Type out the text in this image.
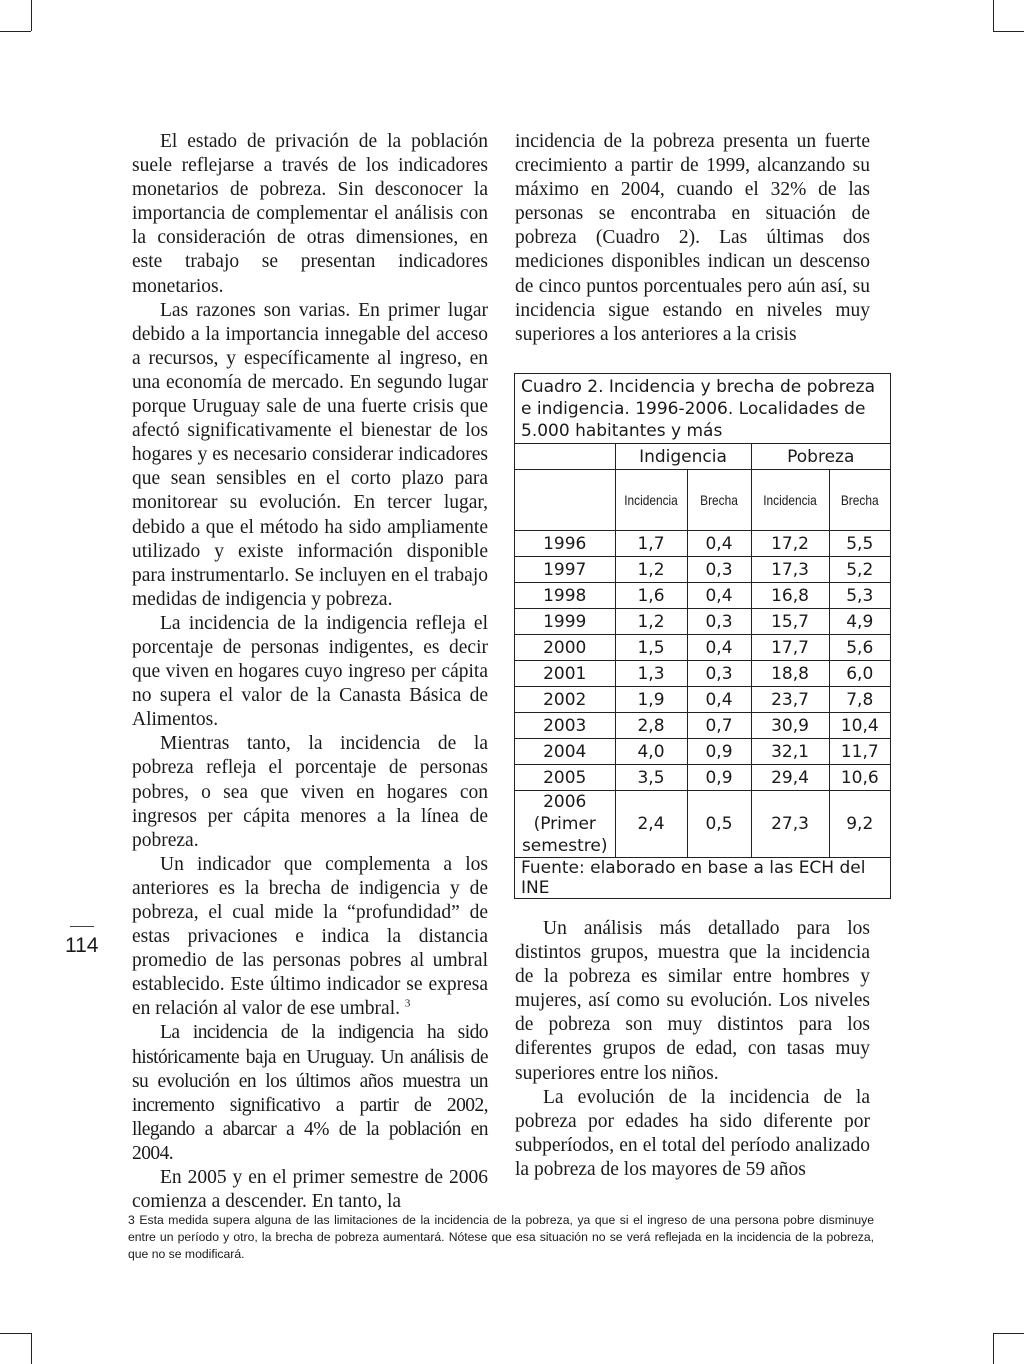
114

El estado de privación de la población suele reflejarse a través de los indicadores monetarios de pobreza. Sin desconocer la importancia de complementar el análisis con la consideración de otras dimensiones, en este trabajo se presentan indicadores monetarios.

Las razones son varias. En primer lugar debido a la importancia innegable del acceso a recursos, y específicamente al ingreso, en una economía de mercado. En segundo lugar porque Uruguay sale de una fuerte crisis que afectó significativamente el bienestar de los hogares y es necesario considerar indicadores que sean sensibles en el corto plazo para monitorear su evolución. En tercer lugar, debido a que el método ha sido ampliamente utilizado y existe información disponible para instrumentarlo. Se incluyen en el trabajo medidas de indigencia y pobreza.

La incidencia de la indigencia refleja el porcentaje de personas indigentes, es decir que viven en hogares cuyo ingreso per cápita no supera el valor de la Canasta Básica de Alimentos.

Mientras tanto, la incidencia de la pobreza refleja el porcentaje de personas pobres, o sea que viven en hogares con ingresos per cápita menores a la línea de pobreza.

Un indicador que complementa a los anteriores es la brecha de indigencia y de pobreza, el cual mide la “profundidad” de estas privaciones e indica la distancia promedio de las personas pobres al umbral establecido. Este último indicador se expresa en relación al valor de ese umbral. $^3$

La incidencia de la indigencia ha sido históricamente baja en Uruguay. Un análisis de su evolución en los últimos años muestra un incremento significativo a partir de 2002, llegando a abarcar a 4% de la población en 2004.

En 2005 y en el primer semestre de 2006 comienza a descender. En tanto, la

incidencia de la pobreza presenta un fuerte crecimiento a partir de 1999, alcanzando su máximo en 2004, cuando el 32% de las personas se encontraba en situación de pobreza (Cuadro 2). Las últimas dos mediciones disponibles indican un descenso de cinco puntos porcentuales pero aún así, su incidencia sigue estando en niveles muy superiores a los anteriores a la crisis

Cuadro 2. Incidencia y brecha de pobreza e indigencia. 1996-2006. Localidades de 5.000 habitantes y más				
	Indigencia		Pobreza	
	Incidencia	Brecha	Incidencia	Brecha
1996	1,7	0,4	17,2	5,5
1997	1,2	0,3	17,3	5,2
1998	1,6	0,4	16,8	5,3
1999	1,2	0,3	15,7	4,9
2000	1,5	0,4	17,7	5,6
2001	1,3	0,3	18,8	6,0
2002	1,9	0,4	23,7	7,8
2003	2,8	0,7	30,9	10,4
2004	4,0	0,9	32,1	11,7
2005	3,5	0,9	29,4	10,6

2006
(Primer
semestre)	2,4	0,5	27,3	9,2
Fuente: elaborado en base a las ECH del INE				

Un análisis más detallado para los distintos grupos, muestra que la incidencia de la pobreza es similar entre hombres y mujeres, así como su evolución. Los niveles de pobreza son muy distintos para los diferentes grupos de edad, con tasas muy superiores entre los niños.

La evolución de la incidencia de la pobreza por edades ha sido diferente por subperíodos, en el total del período analizado la pobreza de los mayores de 59 años

3 Esta medida supera alguna de las limitaciones de la incidencia de la pobreza, ya que si el ingreso de una persona pobre disminuye entre un período y otro, la brecha de pobreza aumentará. Nótese que esa situación no se verá reflejada en la incidencia de la pobreza, que no se modificará.
